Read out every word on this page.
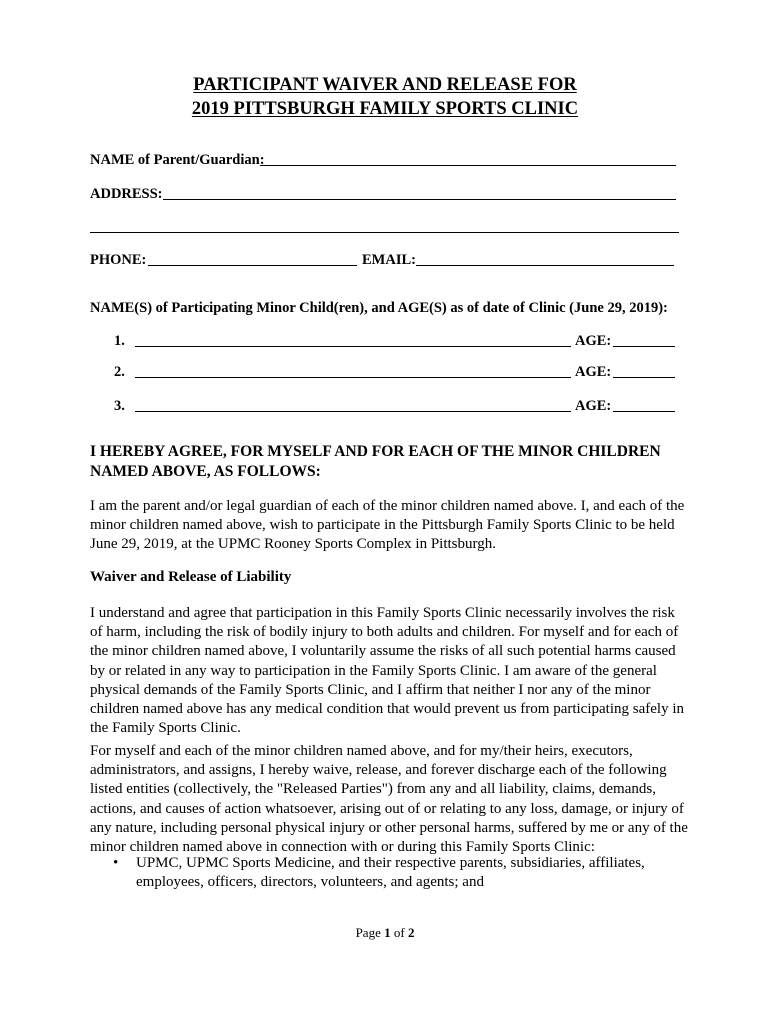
PARTICIPANT WAIVER AND RELEASE FOR
2019 PITTSBURGH FAMILY SPORTS CLINIC
NAME of Parent/Guardian:
ADDRESS:
PHONE:	EMAIL:
NAME(S) of Participating Minor Child(ren), and AGE(S) as of date of Clinic (June 29, 2019):
1.	AGE:
2.	AGE:
3.	AGE:
I HEREBY AGREE, FOR MYSELF AND FOR EACH OF THE MINOR CHILDREN NAMED ABOVE, AS FOLLOWS:
I am the parent and/or legal guardian of each of the minor children named above. I, and each of the minor children named above, wish to participate in the Pittsburgh Family Sports Clinic to be held June 29, 2019, at the UPMC Rooney Sports Complex in Pittsburgh.
Waiver and Release of Liability
I understand and agree that participation in this Family Sports Clinic necessarily involves the risk of harm, including the risk of bodily injury to both adults and children. For myself and for each of the minor children named above, I voluntarily assume the risks of all such potential harms caused by or related in any way to participation in the Family Sports Clinic. I am aware of the general physical demands of the Family Sports Clinic, and I affirm that neither I nor any of the minor children named above has any medical condition that would prevent us from participating safely in the Family Sports Clinic.
For myself and each of the minor children named above, and for my/their heirs, executors, administrators, and assigns, I hereby waive, release, and forever discharge each of the following listed entities (collectively, the "Released Parties") from any and all liability, claims, demands, actions, and causes of action whatsoever, arising out of or relating to any loss, damage, or injury of any nature, including personal physical injury or other personal harms, suffered by me or any of the minor children named above in connection with or during this Family Sports Clinic:
• UPMC, UPMC Sports Medicine, and their respective parents, subsidiaries, affiliates, employees, officers, directors, volunteers, and agents; and
Page 1 of 2
